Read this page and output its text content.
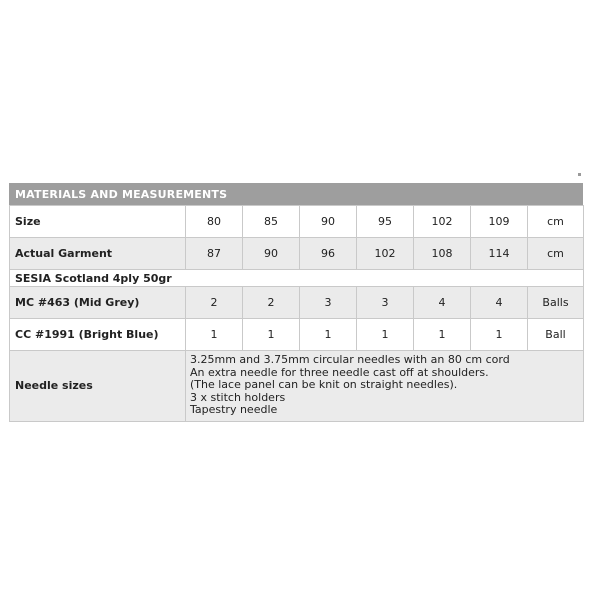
MATERIALS AND MEASUREMENTS
Size	80	85	90	95	102	109	cm
Actual Garment	87	90	96	102	108	114	cm
SESIA Scotland 4ply 50gr							
MC #463 (Mid Grey)	2	2	3	3	4	4	Balls
CC #1991 (Bright Blue)	1	1	1	1	1	1	Ball
Needle sizes	3.25mm and 3.75mm circular needles with an 80 cm cord
An extra needle for three needle cast off at shoulders.
(The lace panel can be knit on straight needles).
3 x stitch holders
Tapestry needle						
